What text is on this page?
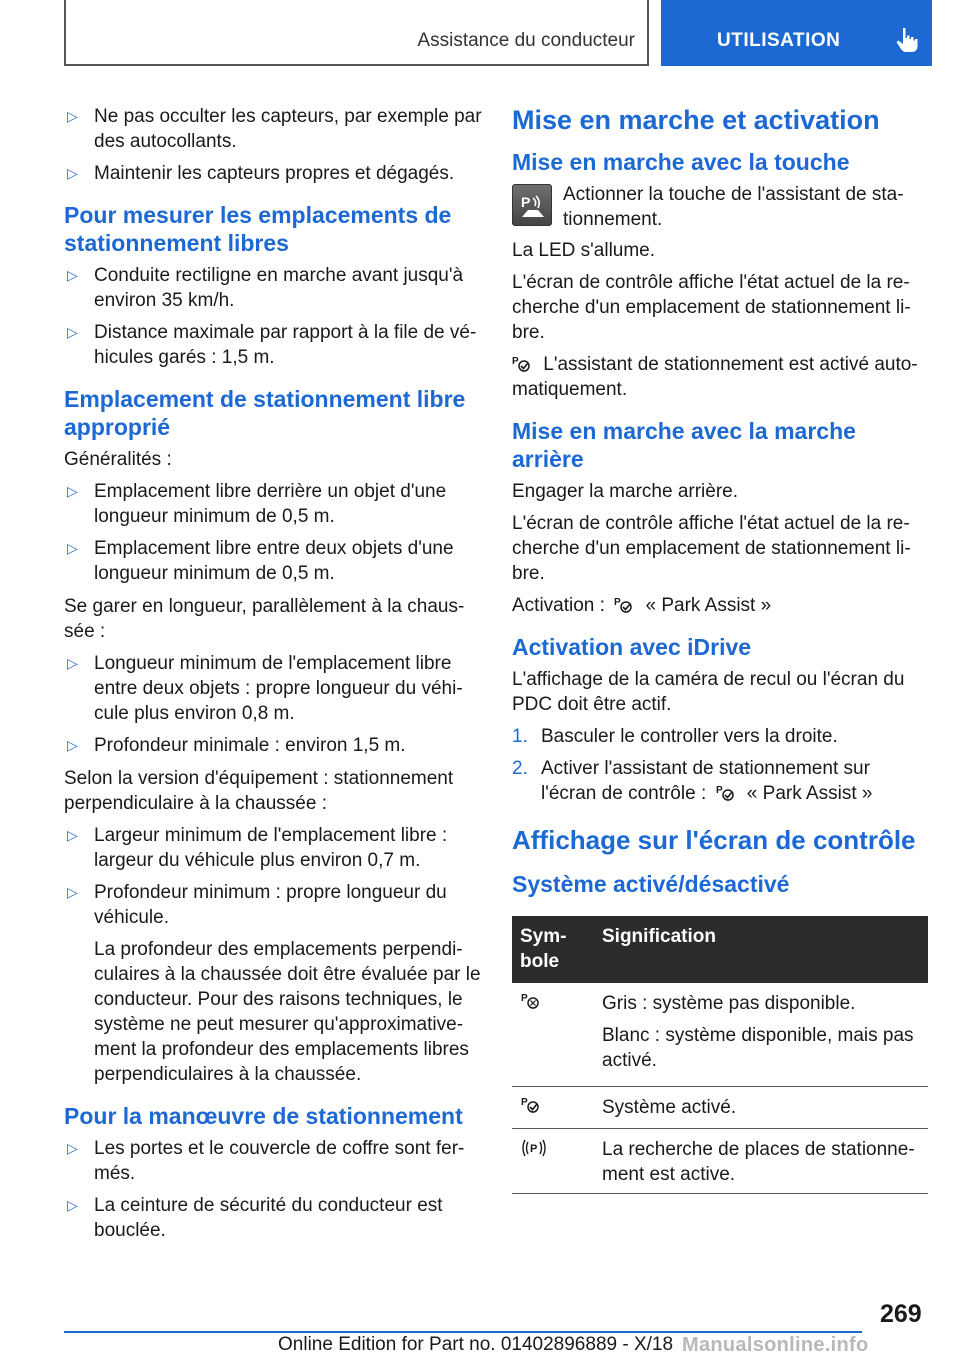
Assistance du conducteur	UTILISATION
▷ Ne pas occulter les capteurs, par exemple par des autocollants.
▷ Maintenir les capteurs propres et dégagés.
Pour mesurer les emplacements de stationnement libres
▷ Conduite rectiligne en marche avant jusqu'à environ 35 km/h.
▷ Distance maximale par rapport à la file de véhicules garés : 1,5 m.
Emplacement de stationnement libre approprié

Généralités :

▷ Emplacement libre derrière un objet d'une longueur minimum de 0,5 m.
▷ Emplacement libre entre deux objets d'une longueur minimum de 0,5 m.

Se garer en longueur, parallèlement à la chaussée :

▷ Longueur minimum de l'emplacement libre entre deux objets : propre longueur du véhicule plus environ 0,8 m.
▷ Profondeur minimale : environ 1,5 m.

Selon la version d'équipement : stationnement perpendiculaire à la chaussée :

▷ Largeur minimum de l'emplacement libre : largeur du véhicule plus environ 0,7 m.
▷ Profondeur minimum : propre longueur du véhicule.

La profondeur des emplacements perpendiculaires à la chaussée doit être évaluée par le conducteur. Pour des raisons techniques, le système ne peut mesurer qu'approximativement la profondeur des emplacements libres perpendiculaires à la chaussée.

Pour la manœuvre de stationnement
▷ Les portes et le couvercle de coffre sont fermés.
▷ La ceinture de sécurité du conducteur est bouclée.
Mise en marche et activation
Mise en marche avec la touche
P Actionner la touche de l'assistant de stationnement.

La LED s'allume.

L'écran de contrôle affiche l'état actuel de la recherche d'un emplacement de stationnement libre.

P L'assistant de stationnement est activé automatiquement.

Mise en marche avec la marche arrière

Engager la marche arrière.

L'écran de contrôle affiche l'état actuel de la recherche d'un emplacement de stationnement libre.

Activation : P « Park Assist »

Activation avec iDrive

L'affichage de la caméra de recul ou l'écran du PDC doit être actif.

1. Basculer le controller vers la droite.
2. Activer l'assistant de stationnement sur l'écran de contrôle : P « Park Assist »
Affichage sur l'écran de contrôle
Système activé/désactivé
Symbole	Signification

P	Gris : système pas disponible.

Blanc : système disponible, mais pas activé.

P	Système activé.

P	La recherche de places de stationnement est active.
269
Online Edition for Part no. 01402896889 - X/18 Manualsonline.info
